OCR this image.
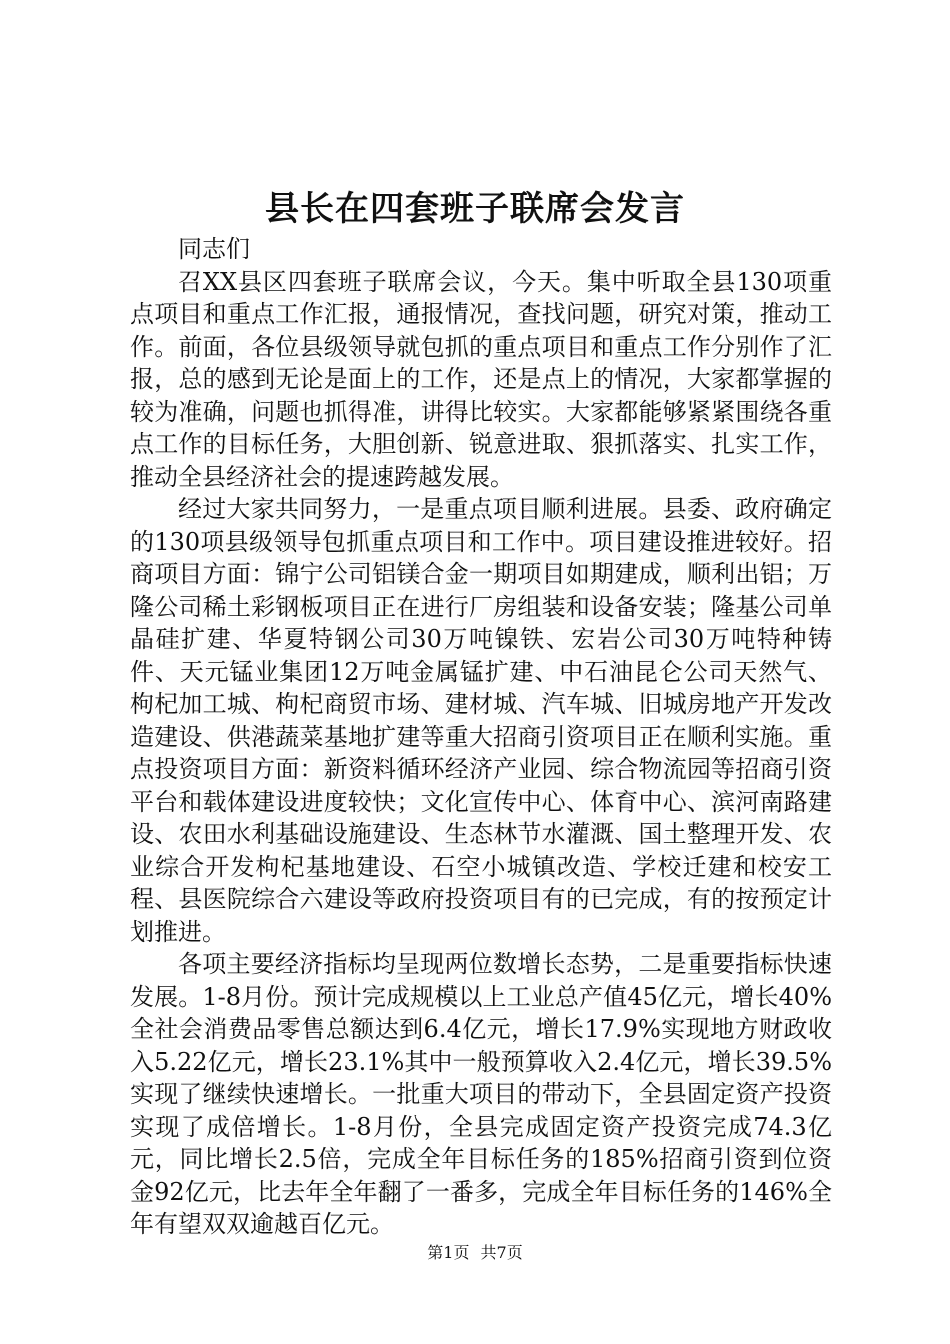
县长在四套班子联席会发言

同志们

召XX县区四套班子联席会议，今天。集中听取全县130项重点项目和重点工作汇报，通报情况，查找问题，研究对策，推动工作。前面，各位县级领导就包抓的重点项目和重点工作分别作了汇报，总的感到无论是面上的工作，还是点上的情况，大家都掌握的较为准确，问题也抓得准，讲得比较实。大家都能够紧紧围绕各重点工作的目标任务，大胆创新、锐意进取、狠抓落实、扎实工作，推动全县经济社会的提速跨越发展。

经过大家共同努力，一是重点项目顺利进展。县委、政府确定的130项县级领导包抓重点项目和工作中。项目建设推进较好。招商项目方面：锦宁公司铝镁合金一期项目如期建成，顺利出铝；万隆公司稀土彩钢板项目正在进行厂房组装和设备安装；隆基公司单晶硅扩建、华夏特钢公司30万吨镍铁、宏岩公司30万吨特种铸件、天元锰业集团12万吨金属锰扩建、中石油昆仑公司天然气、枸杞加工城、枸杞商贸市场、建材城、汽车城、旧城房地产开发改造建设、供港蔬菜基地扩建等重大招商引资项目正在顺利实施。重点投资项目方面：新资料循环经济产业园、综合物流园等招商引资平台和载体建设进度较快；文化宣传中心、体育中心、滨河南路建设、农田水利基础设施建设、生态林节水灌溉、国土整理开发、农业综合开发枸杞基地建设、石空小城镇改造、学校迁建和校安工程、县医院综合六建设等政府投资项目有的已完成，有的按预定计划推进。

各项主要经济指标均呈现两位数增长态势，二是重要指标快速发展。1-8月份。预计完成规模以上工业总产值45亿元，增长40%全社会消费品零售总额达到6.4亿元，增长17.9%实现地方财政收入5.22亿元，增长23.1%其中一般预算收入2.4亿元，增长39.5%实现了继续快速增长。一批重大项目的带动下，全县固定资产投资实现了成倍增长。1-8月份，全县完成固定资产投资完成74.3亿元，同比增长2.5倍，完成全年目标任务的185%招商引资到位资金92亿元，比去年全年翻了一番多，完成全年目标任务的146%全年有望双双逾越百亿元。

第1页 共7页
